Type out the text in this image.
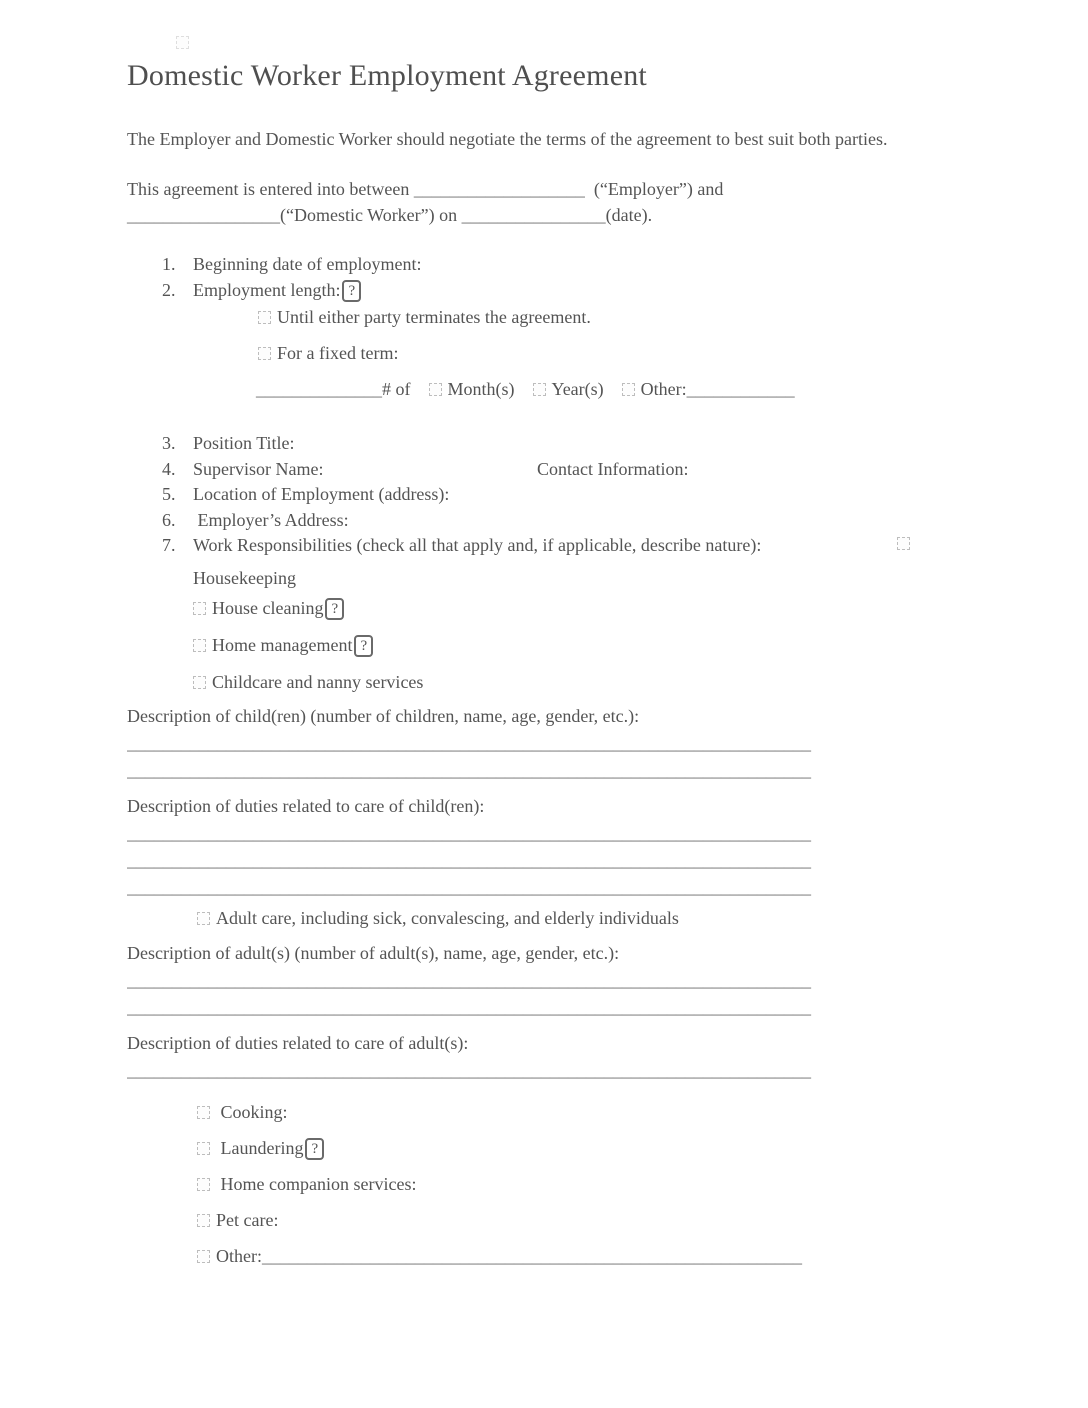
Domestic Worker Employment Agreement

The Employer and Domestic Worker should negotiate the terms of the agreement to best suit both parties.

This agreement is entered into between ___________________  (“Employer”) and
_________________(“Domestic Worker”) on ________________(date).

1. Beginning date of employment:
2. Employment length: ?
Until either party terminates the agreement.
For a fixed term:
______________# of Month(s) Year(s) Other:____________
3. Position Title:
4. Supervisor Name:	Contact Information:
5. Location of Employment (address):
6. Employer’s Address:
7. Work Responsibilities (check all that apply and, if applicable, describe nature):
Housekeeping
House cleaning ?
Home management ?
Childcare and nanny services
Description of child(ren) (number of children, name, age, gender, etc.):
____________________________________________________________________________
____________________________________________________________________________
Description of duties related to care of child(ren):
____________________________________________________________________________
____________________________________________________________________________
____________________________________________________________________________
Adult care, including sick, convalescing, and elderly individuals
Description of adult(s) (number of adult(s), name, age, gender, etc.):
____________________________________________________________________________
____________________________________________________________________________
Description of duties related to care of adult(s):
____________________________________________________________________________
Cooking:
Laundering ?
Home companion services:
Pet care:
Other:____________________________________________________________
